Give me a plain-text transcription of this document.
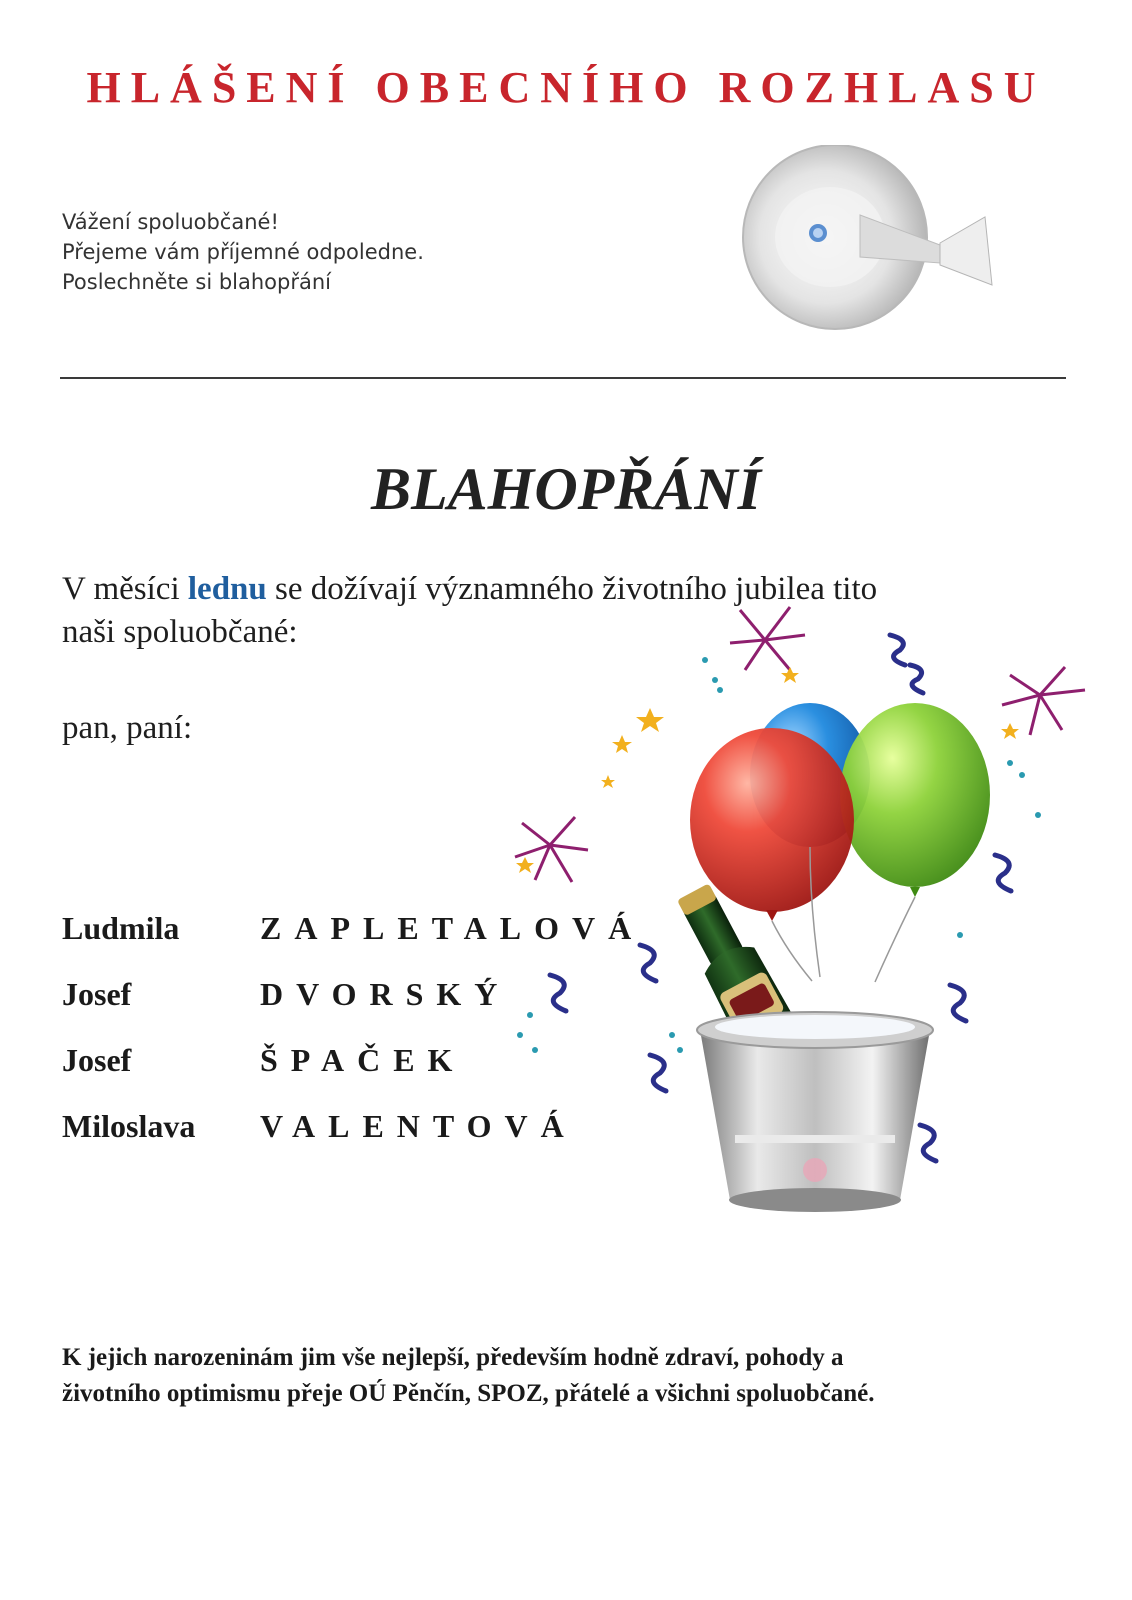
HLÁŠENÍ OBECNÍHO ROZHLASU
Vážení spoluobčané!
Přejeme vám příjemné odpoledne.
Poslechněte si blahopřání
BLAHOPŘÁNÍ
V měsíci lednu se dožívají významného životního jubilea tito
naši spoluobčané:
pan, paní:
Ludmila	ZAPLETALOVÁ
Josef	DVORSKÝ
Josef	ŠPAČEK
Miloslava VALENTOVÁ
K jejich narozeninám jim vše nejlepší, především hodně zdraví, pohody a
životního optimismu přeje OÚ Pěnčín, SPOZ, přátelé a všichni spoluobčané.
